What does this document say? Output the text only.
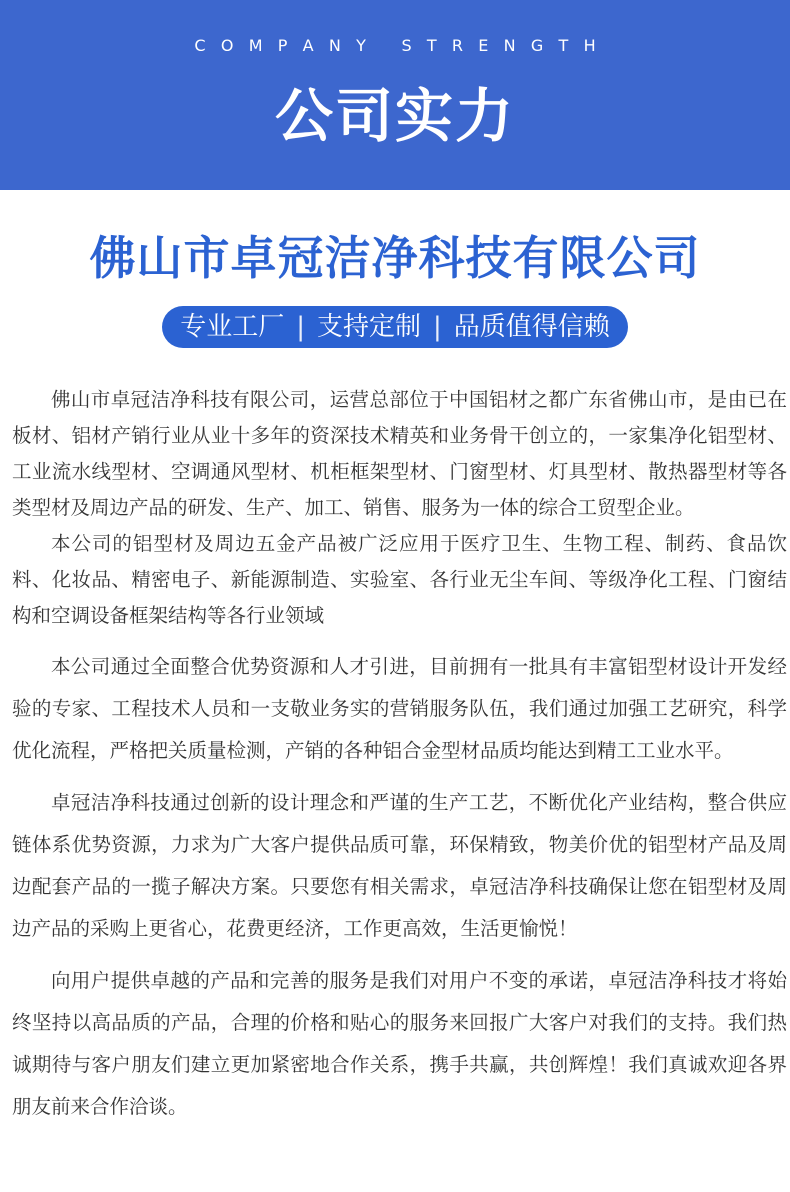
C   O   M   P   A   N   Y       S   T   R   E   N   G   T   H
公司实力
佛山市卓冠洁净科技有限公司
专业工厂 | 支持定制 | 品质值得信赖

佛山市卓冠洁净科技有限公司，运营总部位于中国铝材之都广东省佛山市，是由已在板材、铝材产销行业从业十多年的资深技术精英和业务骨干创立的，一家集净化铝型材、工业流水线型材、空调通风型材、机柜框架型材、门窗型材、灯具型材、散热器型材等各类型材及周边产品的研发、生产、加工、销售、服务为一体的综合工贸型企业。

本公司的铝型材及周边五金产品被广泛应用于医疗卫生、生物工程、制药、食品饮料、化妆品、精密电子、新能源制造、实验室、各行业无尘车间、等级净化工程、门窗结构和空调设备框架结构等各行业领域

本公司通过全面整合优势资源和人才引进，目前拥有一批具有丰富铝型材设计开发经验的专家、工程技术人员和一支敬业务实的营销服务队伍，我们通过加强工艺研究，科学优化流程，严格把关质量检测，产销的各种铝合金型材品质均能达到精工工业水平。

卓冠洁净科技通过创新的设计理念和严谨的生产工艺，不断优化产业结构，整合供应链体系优势资源，力求为广大客户提供品质可靠，环保精致，物美价优的铝型材产品及周边配套产品的一揽子解决方案。只要您有相关需求，卓冠洁净科技确保让您在铝型材及周边产品的采购上更省心，花费更经济，工作更高效，生活更愉悦！

向用户提供卓越的产品和完善的服务是我们对用户不变的承诺，卓冠洁净科技才将始终坚持以高品质的产品，合理的价格和贴心的服务来回报广大客户对我们的支持。我们热诚期待与客户朋友们建立更加紧密地合作关系，携手共赢，共创辉煌！我们真诚欢迎各界朋友前来合作洽谈。
